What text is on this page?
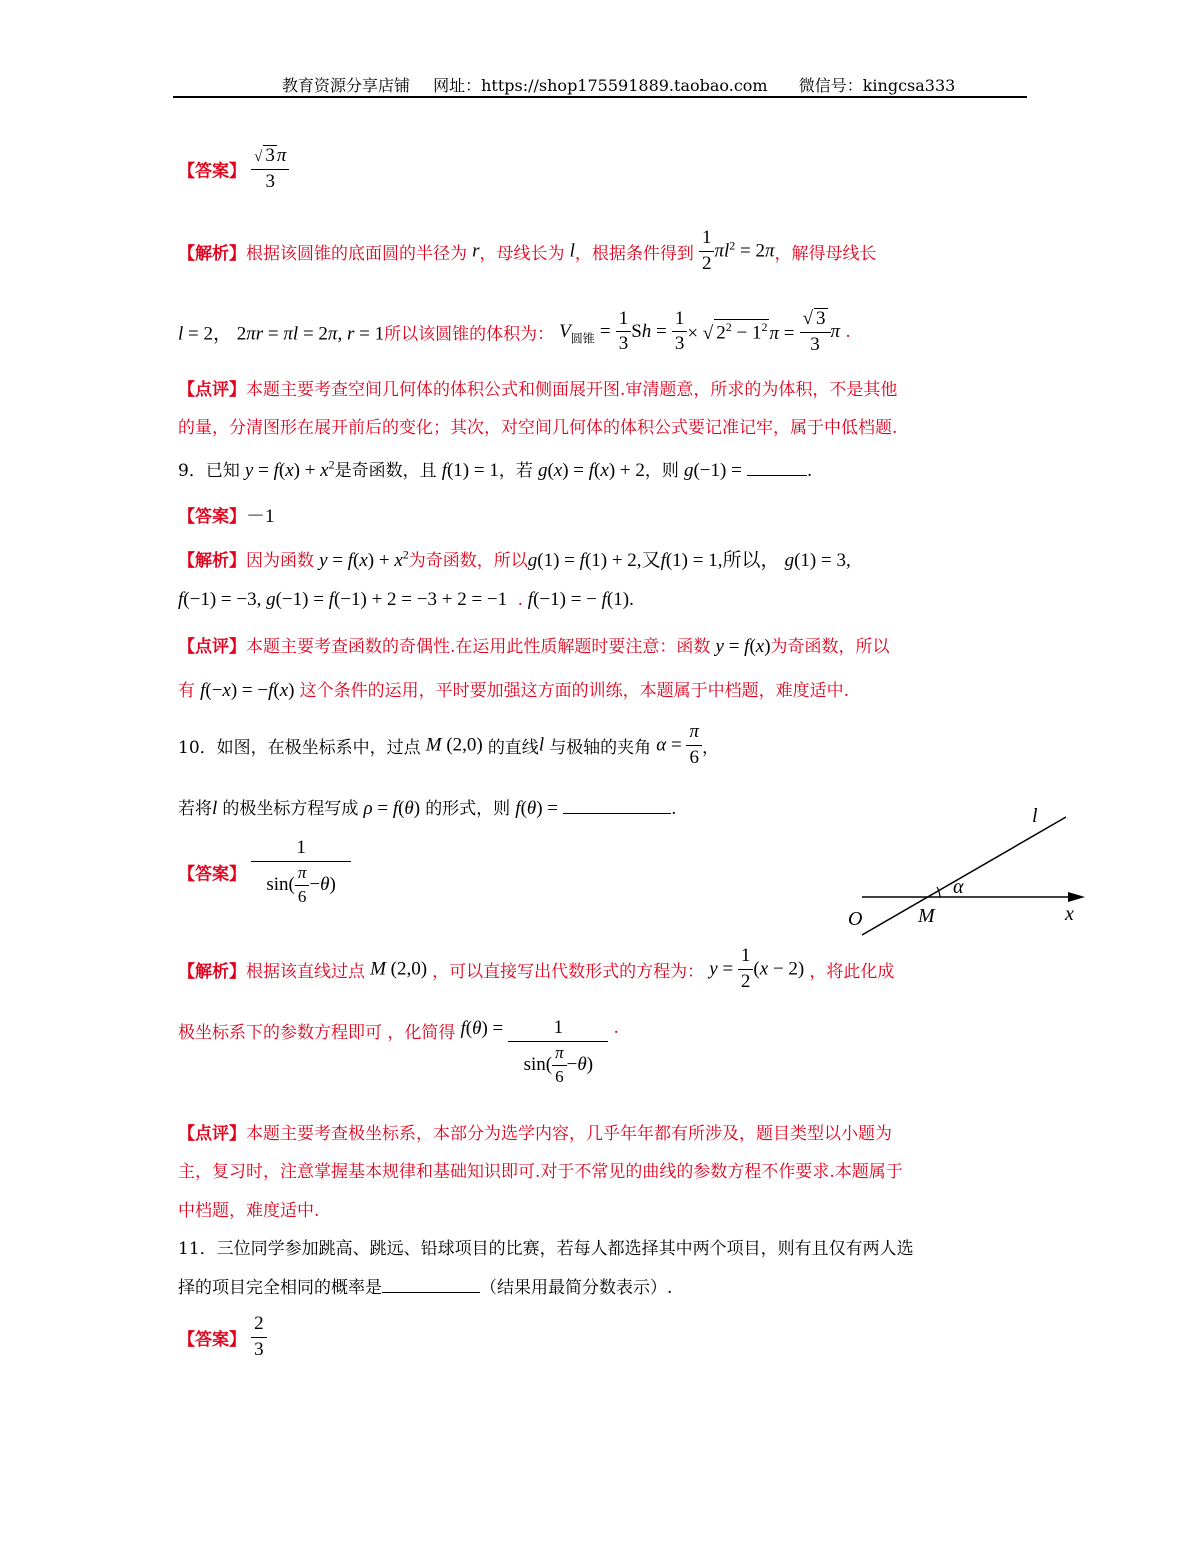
教育资源分享店铺 网址：https://shop175591889.taobao.com 微信号：kingcsa333
【答案】 $\frac{√ 3 \pi}{3}$
【解析】根据该圆锥的底面圆的半径为 r，母线长为 l，根据条件得到 $\frac{1}{2} \pi l^2 = 2\pi$，解得母线长
l = 2， 2πr = πl = 2π, r = 1所以该圆锥的体积为： $V_{圆锥} = \frac{1}{3}$ $Sh = \frac{1}{3}$ × √ $2^2 - 1^2$ $\pi = \frac{√ 3}{3}$ π .
【点评】本题主要考查空间几何体的体积公式和侧面展开图.审清题意，所求的为体积，不是其他
的量，分清图形在展开前后的变化；其次，对空间几何体的体积公式要记准记牢，属于中低档题.
9．已知 $y = f(x) + x^2$是奇函数，且 f(1) = 1，若 g(x) = f(x) + 2，则 g(−1) =	.
【答案】－1
【解析】因为函数 $y = f(x) + x^2$为奇函数，所以g(1) = f(1) + 2,又f(1) = 1,所以， g(1) = 3,
f(−1) = −3, g(−1) = f(−1) + 2 = −3 + 2 = −1  . f(−1) = − f(1).
【点评】本题主要考查函数的奇偶性.在运用此性质解题时要注意：函数 y = f(x)为奇函数，所以
有 f(−x) = −f(x) 这个条件的运用，平时要加强这方面的训练，本题属于中档题，难度适中.
10．如图，在极坐标系中，过点 M (2,0) 的直线l 与极轴的夹角 $\alpha = \frac{\pi}{6}$ ，
若将l 的极坐标方程写成 ρ = f(θ) 的形式，则 f(θ) =	.
【答案】 $\frac{1}{\sin( \frac{\pi}{6} - \theta )}$
l
α
O	M	x
【解析】根据该直线过点 M (2,0) ，可以直接写出代数形式的方程为： $y = \frac{1}{2} (x - 2)$ ，将此化成
极坐标系下的参数方程即可 ，化简得 $f(\theta) = \frac{1}{\sin( \frac{\pi}{6} - \theta )}$ .
【点评】本题主要考查极坐标系，本部分为选学内容，几乎年年都有所涉及，题目类型以小题为
主，复习时，注意掌握基本规律和基础知识即可.对于不常见的曲线的参数方程不作要求.本题属于
中档题，难度适中.
11．三位同学参加跳高、跳远、铅球项目的比赛，若每人都选择其中两个项目，则有且仅有两人选
择的项目完全相同的概率是	（结果用最简分数表示）.
【答案】 $\frac{2}{3}$
